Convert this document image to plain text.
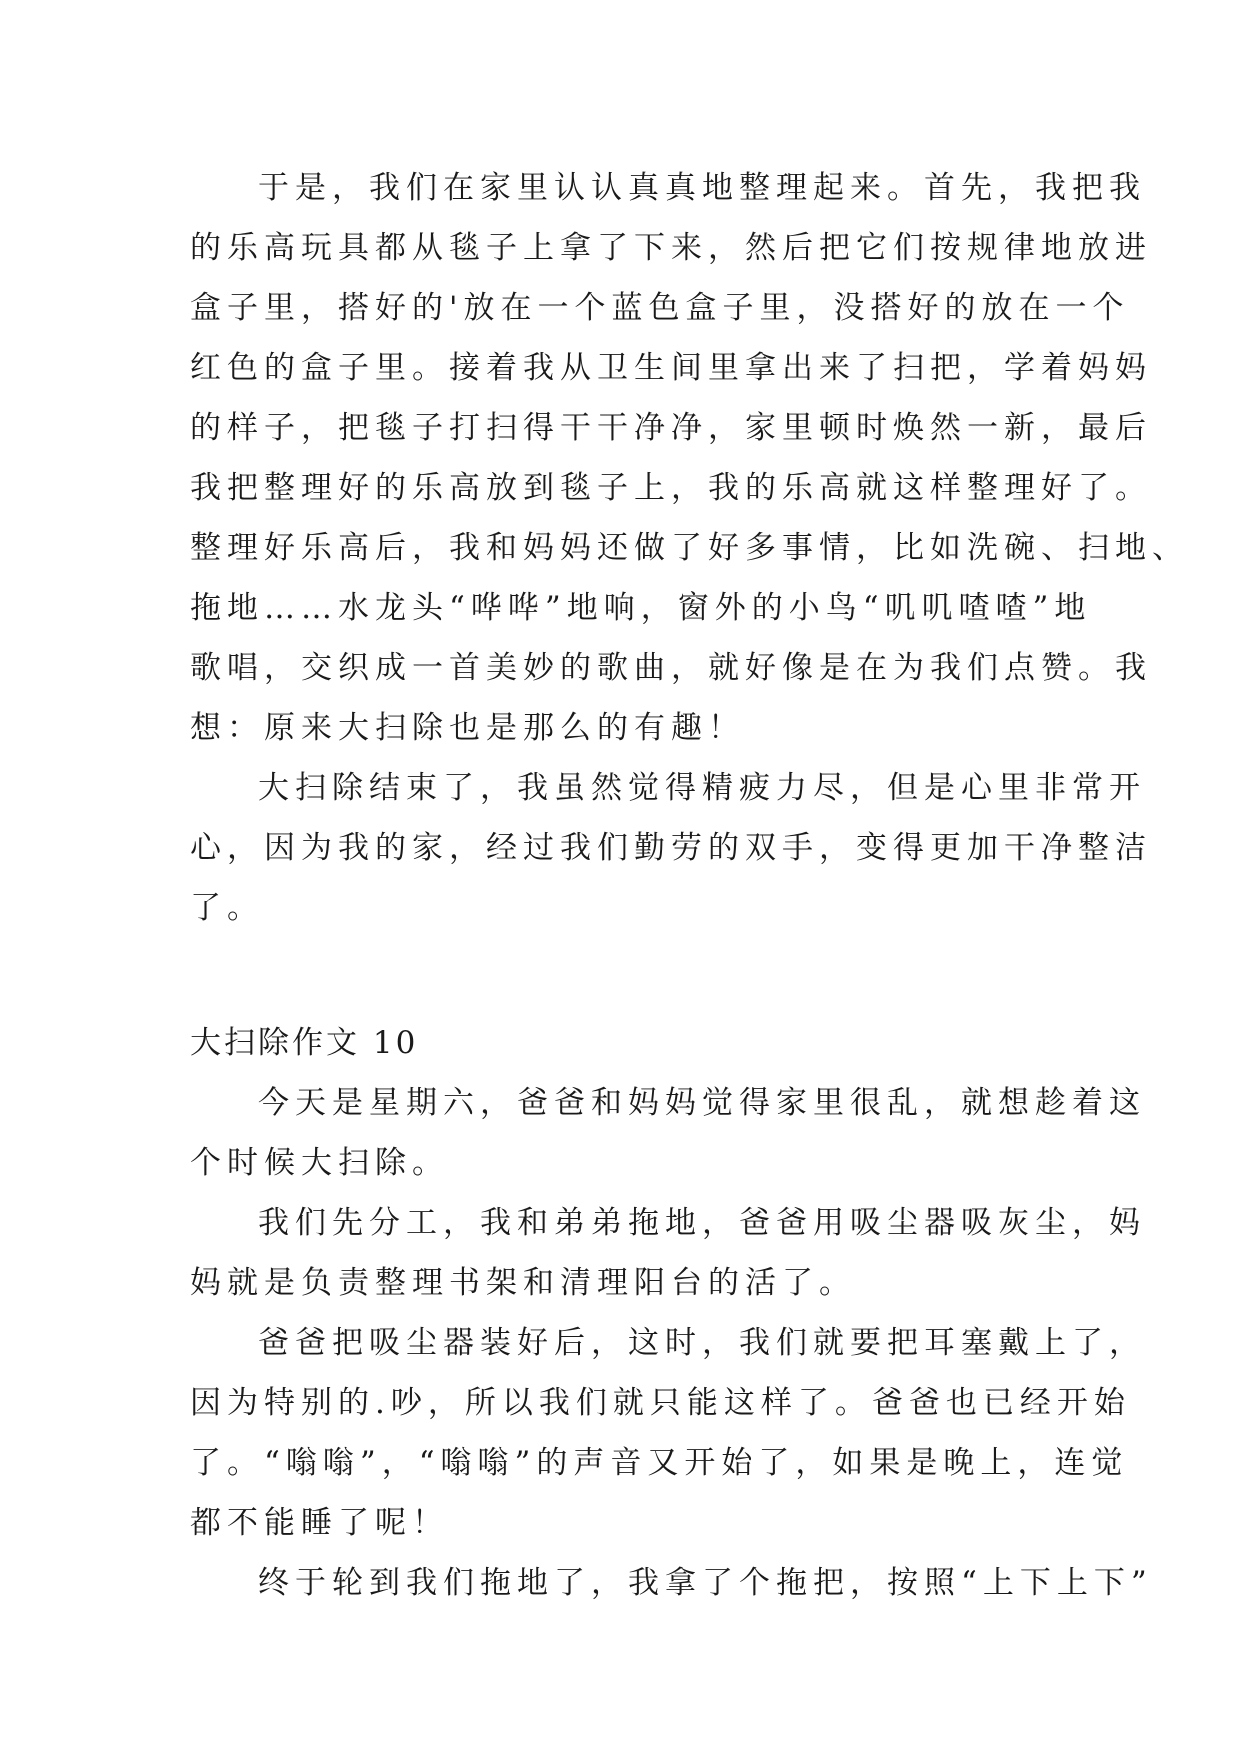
于是，我们在家里认认真真地整理起来。首先，我把我
的乐高玩具都从毯子上拿了下来，然后把它们按规律地放进
盒子里，搭好的'放在一个蓝色盒子里，没搭好的放在一个
红色的盒子里。接着我从卫生间里拿出来了扫把，学着妈妈
的样子，把毯子打扫得干干净净，家里顿时焕然一新，最后
我把整理好的乐高放到毯子上，我的乐高就这样整理好了。
整理好乐高后，我和妈妈还做了好多事情，比如洗碗、扫地、
拖地……水龙头“哗哗”地响，窗外的小鸟“叽叽喳喳”地
歌唱，交织成一首美妙的歌曲，就好像是在为我们点赞。我
想：原来大扫除也是那么的有趣！
大扫除结束了，我虽然觉得精疲力尽，但是心里非常开
心，因为我的家，经过我们勤劳的双手，变得更加干净整洁
了。
大扫除作文 10
今天是星期六，爸爸和妈妈觉得家里很乱，就想趁着这
个时候大扫除。
我们先分工，我和弟弟拖地，爸爸用吸尘器吸灰尘，妈
妈就是负责整理书架和清理阳台的活了。
爸爸把吸尘器装好后，这时，我们就要把耳塞戴上了，
因为特别的.吵，所以我们就只能这样了。爸爸也已经开始
了。“嗡嗡”，“嗡嗡”的声音又开始了，如果是晚上，连觉
都不能睡了呢！
终于轮到我们拖地了，我拿了个拖把，按照“上下上下”
